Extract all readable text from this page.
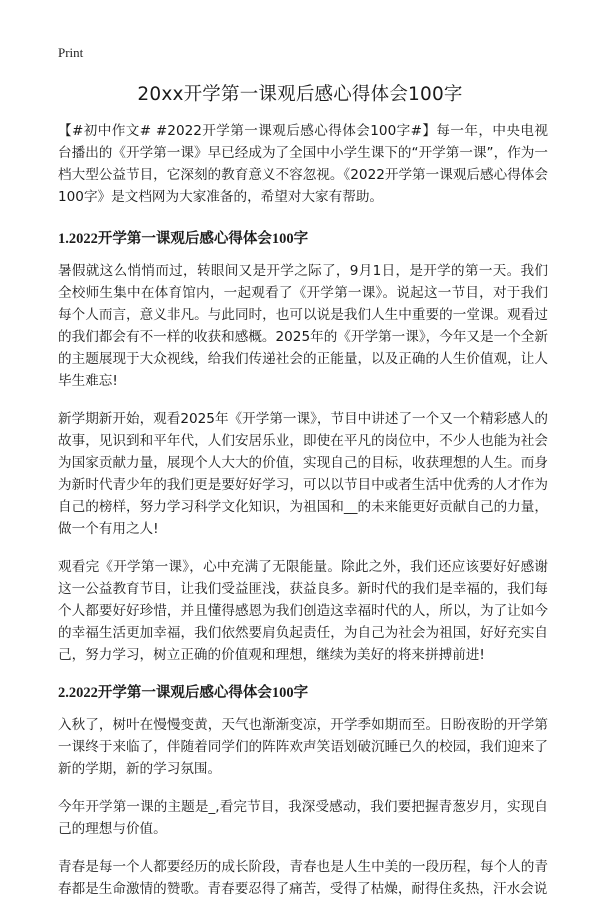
Print
20xx开学第一课观后感心得体会100字

【#初中作文# #2022开学第一课观后感心得体会100字#】每一年，中央电视台播出的《开学第一课》早已经成为了全国中小学生课下的“开学第一课”，作为一档大型公益节目，它深刻的教育意义不容忽视。《2022开学第一课观后感心得体会100字》是文档网为大家准备的，希望对大家有帮助。

1.2022开学第一课观后感心得体会100字

暑假就这么悄悄而过，转眼间又是开学之际了，9月1日，是开学的第一天。我们全校师生集中在体育馆内，一起观看了《开学第一课》。说起这一节目，对于我们每个人而言，意义非凡。与此同时，也可以说是我们人生中重要的一堂课。观看过的我们都会有不一样的收获和感概。2025年的《开学第一课》，今年又是一个全新的主题展现于大众视线，给我们传递社会的正能量，以及正确的人生价值观，让人毕生难忘!

新学期新开始，观看2025年《开学第一课》，节目中讲述了一个又一个精彩感人的故事，见识到和平年代，人们安居乐业，即使在平凡的岗位中，不少人也能为社会为国家贡献力量，展现个人大大的价值，实现自己的目标，收获理想的人生。而身为新时代青少年的我们更是要好好学习，可以以节目中或者生活中优秀的人才作为自己的榜样，努力学习科学文化知识，为祖国和__的未来能更好贡献自己的力量，做一个有用之人!

观看完《开学第一课》，心中充满了无限能量。除此之外，我们还应该要好好感谢这一公益教育节目，让我们受益匪浅，获益良多。新时代的我们是幸福的，我们每个人都要好好珍惜，并且懂得感恩为我们创造这幸福时代的人，所以，为了让如今的幸福生活更加幸福，我们依然要肩负起责任，为自己为社会为祖国，好好充实自己，努力学习，树立正确的价值观和理想，继续为美好的将来拼搏前进!

2.2022开学第一课观后感心得体会100字

入秋了，树叶在慢慢变黄，天气也渐渐变凉，开学季如期而至。日盼夜盼的开学第一课终于来临了，伴随着同学们的阵阵欢声笑语划破沉睡已久的校园，我们迎来了新的学期，新的学习氛围。

今年开学第一课的主题是_,看完节目，我深受感动，我们要把握青葱岁月，实现自己的理想与价值。

青春是每一个人都要经历的成长阶段，青春也是人生中美的一段历程，每个人的青春都是生命激情的赞歌。青春要忍得了痛苦，受得了枯燥，耐得住炙热，汗水会说
